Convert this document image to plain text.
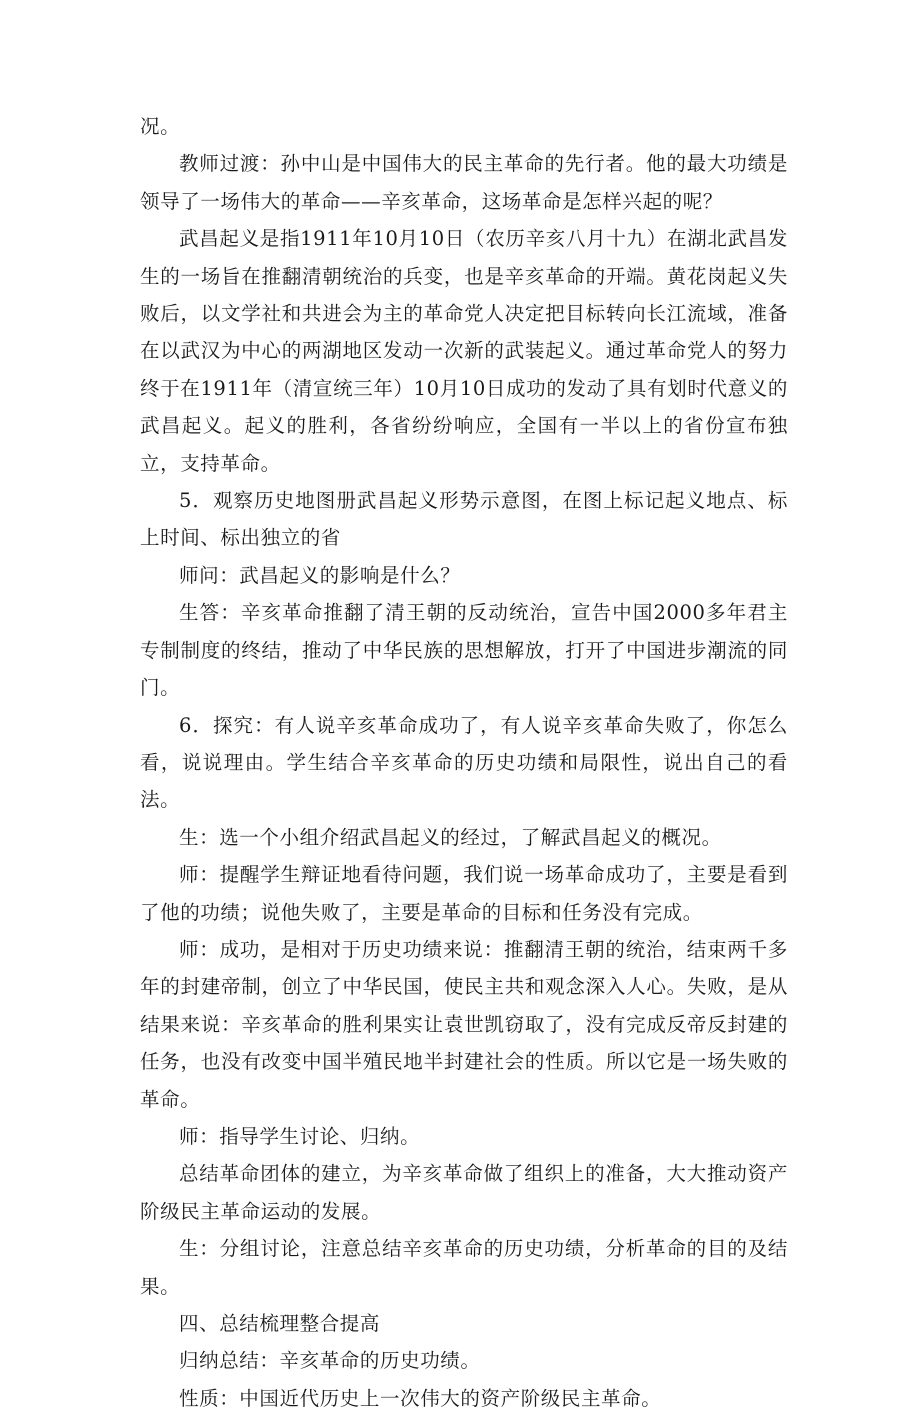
况。

教师过渡：孙中山是中国伟大的民主革命的先行者。他的最大功绩是领导了一场伟大的革命——辛亥革命，这场革命是怎样兴起的呢？

武昌起义是指1911年10月10日（农历辛亥八月十九）在湖北武昌发生的一场旨在推翻清朝统治的兵变，也是辛亥革命的开端。黄花岗起义失败后，以文学社和共进会为主的革命党人决定把目标转向长江流域，准备在以武汉为中心的两湖地区发动一次新的武装起义。通过革命党人的努力终于在1911年（清宣统三年）10月10日成功的发动了具有划时代意义的武昌起义。起义的胜利，各省纷纷响应，全国有一半以上的省份宣布独立，支持革命。

5．观察历史地图册武昌起义形势示意图，在图上标记起义地点、标上时间、标出独立的省

师问：武昌起义的影响是什么？

生答：辛亥革命推翻了清王朝的反动统治，宣告中国2000多年君主专制制度的终结，推动了中华民族的思想解放，打开了中国进步潮流的同门。

6．探究：有人说辛亥革命成功了，有人说辛亥革命失败了，你怎么看，说说理由。学生结合辛亥革命的历史功绩和局限性，说出自己的看法。

生：选一个小组介绍武昌起义的经过，了解武昌起义的概况。

师：提醒学生辩证地看待问题，我们说一场革命成功了，主要是看到了他的功绩；说他失败了，主要是革命的目标和任务没有完成。

师：成功，是相对于历史功绩来说：推翻清王朝的统治，结束两千多年的封建帝制，创立了中华民国，使民主共和观念深入人心。失败，是从结果来说：辛亥革命的胜利果实让袁世凯窃取了，没有完成反帝反封建的任务，也没有改变中国半殖民地半封建社会的性质。所以它是一场失败的革命。

师：指导学生讨论、归纳。

总结革命团体的建立，为辛亥革命做了组织上的准备，大大推动资产阶级民主革命运动的发展。

生：分组讨论，注意总结辛亥革命的历史功绩，分析革命的目的及结果。

四、总结梳理整合提高

归纳总结：辛亥革命的历史功绩。

性质：中国近代历史上一次伟大的资产阶级民主革命。
